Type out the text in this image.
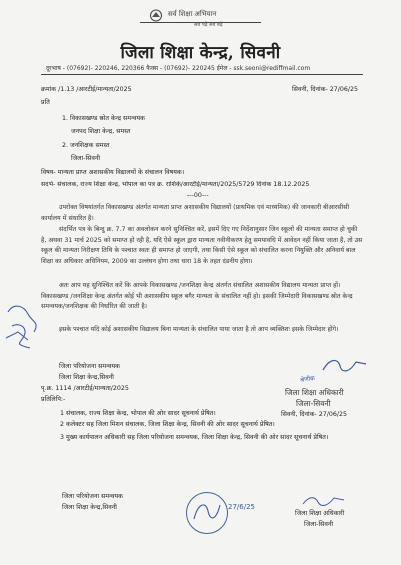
सर्व शिक्षा अभियान
सब पढ़ें सब बढ़ें
जिला शिक्षा केन्द्र, सिवनी
दूरभाष - (07692)- 220246, 220366 फैक्स - (07692)- 220245 ईमेल - ssk.seoni@rediffmail.com
क्रमांक /1.13 /आरटीई/मान्यता/2025	सिवनी, दिनांक- 27/06/25
प्रति
1. विकासखण्ड स्रोत केन्द्र समन्वयक
जनपद शिक्षा केन्द्र, समस्त
2. जनशिक्षक समस्त
जिला-सिवनी
विषय- मान्यता प्राप्त अशासकीय विद्यालयों के संचालन विषयक।
सदर्भ- संचालक, राज्य शिक्षा केन्द्र, भोपाल का पत्र क्र. राशिके/आरटीई/मान्यता/2025/5729 दिनांक 18.12.2025
---00---
उपरोक्त विषयांतर्गत विकासखण्ड अंतर्गत मान्यता प्राप्त अशासकीय विद्यालयों (प्राथमिक एवं माध्यमिक) की जानकारी बीआरसीसी कार्यालय में संधारित है।
संदर्भित पत्र के बिन्दु क्र. 7.7 का अवलोकन करने सुनिश्चित करें, इसमें दिए गए निर्देशानुसार जिन स्कूलों की मान्यता समाप्त हो चुकी है, अथवा 31 मार्च 2025 को समाप्त हो रही है, यदि ऐसे स्कूल द्वारा मान्यता नवीनीकरण हेतु समयावधि में आवेदन नहीं किया जाता है, तो उस स्कूल की मान्यता निरीक्षण तिथि के पश्चात स्वतः ही समाप्त हो जाएगी, तथा किसी ऐसे स्कूल को संचालित करना नियुक्ति और अनिवार्य बाल शिक्षा का अधिकार अधिनियम, 2009 का उल्लंघन होगा तथा धारा 18 के तहत दंडनीय होगा।
अतः आप यह सुनिश्चित करें कि आपके विकासखण्ड /जनशिक्षा केन्द्र अंतर्गत संचालित अशासकीय विद्यालय मान्यता प्राप्त हों। विकासखण्ड /जनशिक्षा केन्द्र अंतर्गत कोई भी अशासकीय स्कूल बगैर मान्यता के संचालित नहीं हो। इसकी जिम्मेदारी विकासखण्ड स्रोत केन्द्र समन्वयक/जनशिक्षक की निर्धारित की जाती है।
इसके पश्चात यदि कोई अशासकीय विद्यालय बिना मान्यता के संचालित पाया जाता है तो आप व्यक्तिशः इसके जिम्मेदार होंगे।
श्रेणीक
जिला शिक्षा अधिकारी
जिला-सिवनी
सिवनी, दिनांक- 27/06/25
जिला परियोजना समन्वयक
जिला शिक्षा केन्द्र,सिवनी
पृ.क्र. 1114 /आरटीई/मान्यता/2025
प्रतिलिपि:-
1 संचालक, राज्य शिक्षा केन्द्र, भोपाल की ओर सादर सूचनार्थ प्रेषित।
2 कलेक्टर सह जिला मिशन संचालक, जिला शिक्षा केन्द्र, सिवनी की ओर सादर सूचनार्थ प्रेषित।
3 मुख्य कार्यपालन अधिकारी सह जिला परियोजना समन्वयक, जिला शिक्षा केन्द्र, सिवनी की ओर सादर सूचनार्थ प्रेषित।
जिला परियोजना समन्वयक
जिला शिक्षा केन्द्र,सिवनी	27/6/25
जिला शिक्षा अधिकारी
जिला-सिवनी
